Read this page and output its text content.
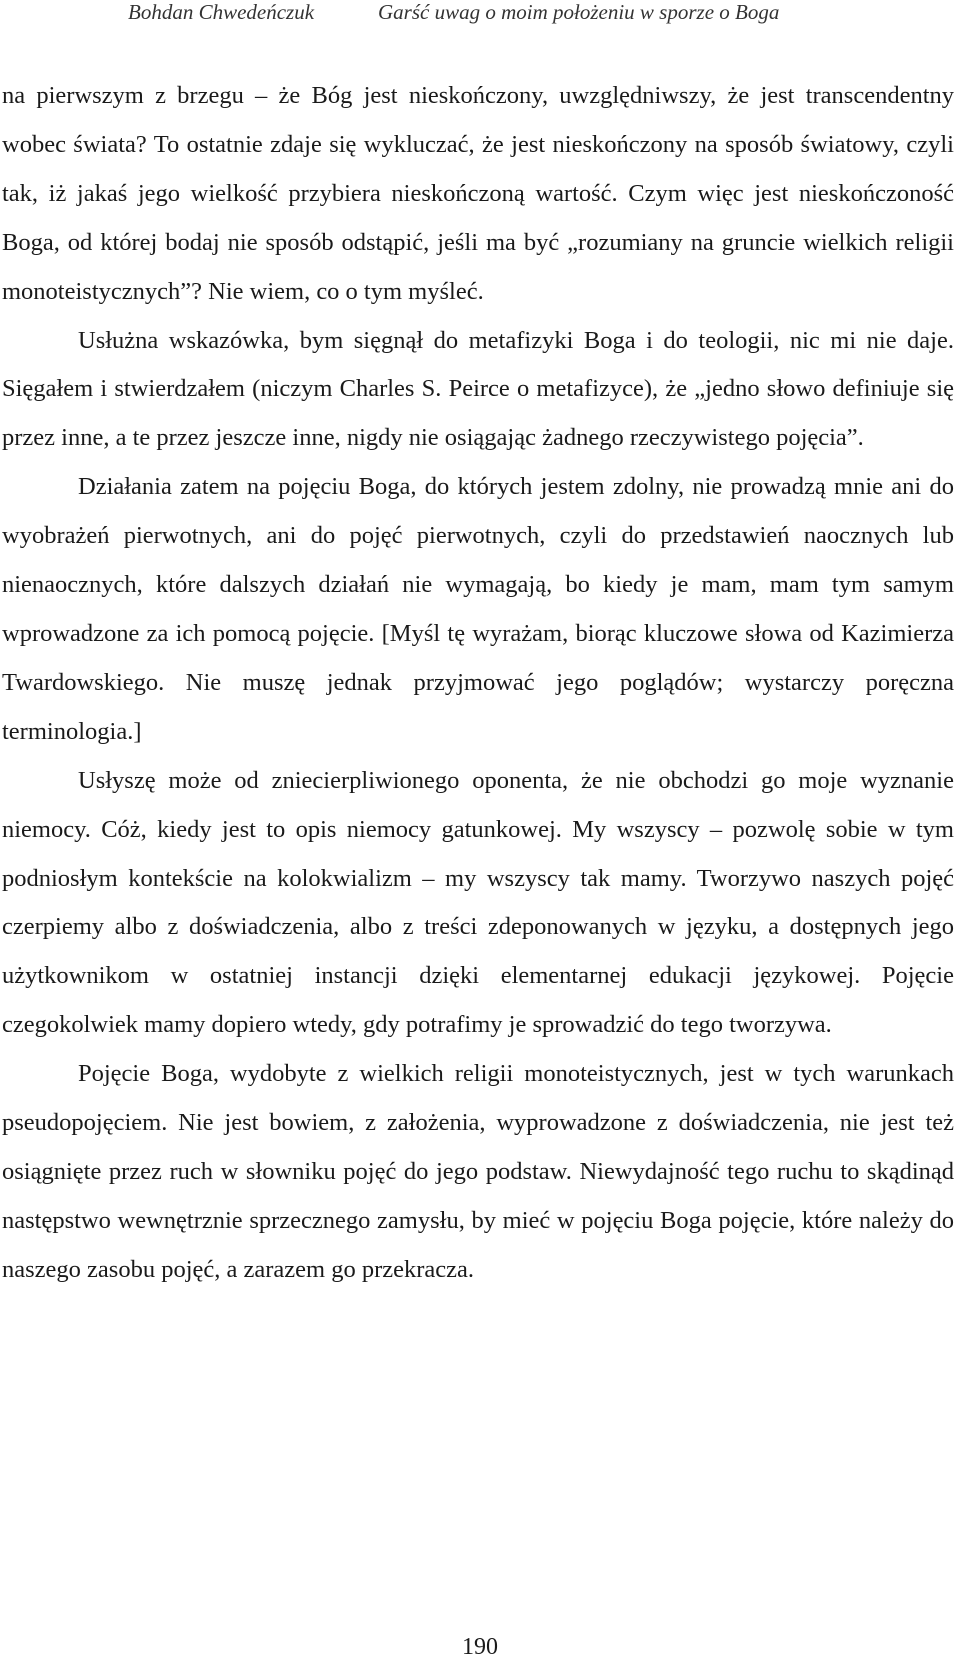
Bohdan Chwedeńczuk	Garść uwag o moim położeniu w sporze o Boga

na pierwszym z brzegu – że Bóg jest nieskończony, uwzględniwszy, że jest transcendentny wobec świata? To ostatnie zdaje się wykluczać, że jest nieskończony na sposób światowy, czyli tak, iż jakaś jego wielkość przybiera nieskończoną wartość. Czym więc jest nieskończoność Boga, od której bodaj nie sposób odstąpić, jeśli ma być „rozumiany na gruncie wielkich religii monoteistycznych”? Nie wiem, co o tym myśleć.

Usłużna wskazówka, bym sięgnął do metafizyki Boga i do teologii, nic mi nie daje. Sięgałem i stwierdzałem (niczym Charles S. Peirce o metafizyce), że „jedno słowo definiuje się przez inne, a te przez jeszcze inne, nigdy nie osiągając żadnego rzeczywistego pojęcia”.

Działania zatem na pojęciu Boga, do których jestem zdolny, nie prowadzą mnie ani do wyobrażeń pierwotnych, ani do pojęć pierwotnych, czyli do przedstawień naocznych lub nienaocznych, które dalszych działań nie wymagają, bo kiedy je mam, mam tym samym wprowadzone za ich pomocą pojęcie. [Myśl tę wyrażam, biorąc kluczowe słowa od Kazimierza Twardowskiego. Nie muszę jednak przyjmować jego poglądów; wystarczy poręczna terminologia.]

Usłyszę może od zniecierpliwionego oponenta, że nie obchodzi go moje wyznanie niemocy. Cóż, kiedy jest to opis niemocy gatunkowej. My wszyscy – pozwolę sobie w tym podniosłym kontekście na kolokwializm – my wszyscy tak mamy. Tworzywo naszych pojęć czerpiemy albo z doświadczenia, albo z treści zdeponowanych w języku, a dostępnych jego użytkownikom w ostatniej instancji dzięki elementarnej edukacji językowej. Pojęcie czegokolwiek mamy dopiero wtedy, gdy potrafimy je sprowadzić do tego tworzywa.

Pojęcie Boga, wydobyte z wielkich religii monoteistycznych, jest w tych warunkach pseudopojęciem. Nie jest bowiem, z założenia, wyprowadzone z doświadczenia, nie jest też osiągnięte przez ruch w słowniku pojęć do jego podstaw. Niewydajność tego ruchu to skądinąd następstwo wewnętrznie sprzecznego zamysłu, by mieć w pojęciu Boga pojęcie, które należy do naszego zasobu pojęć, a zarazem go przekracza.

190
